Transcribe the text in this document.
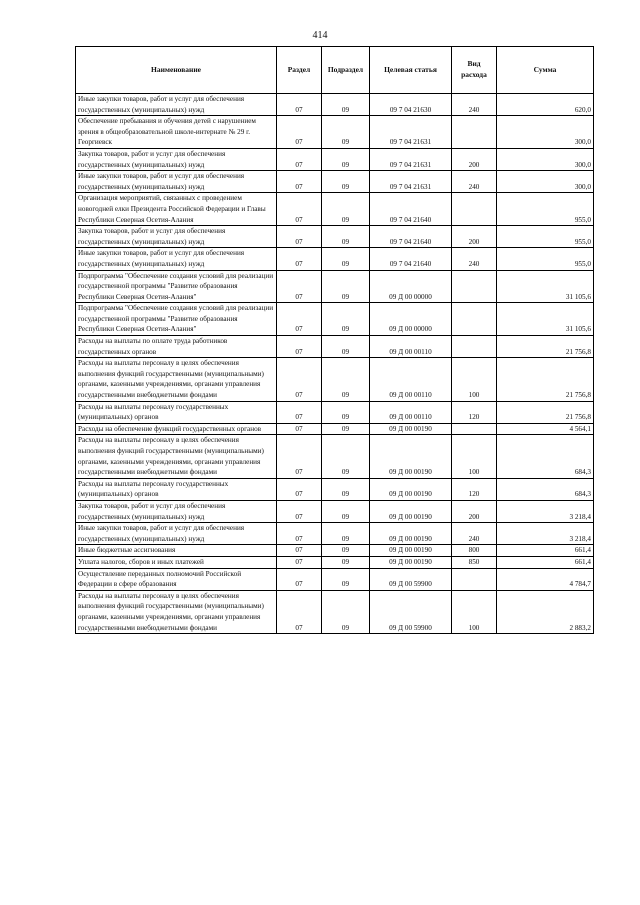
414
Наименование	Раздел	Подраздел	Целевая статья	Вид расхода	Сумма
Иные закупки товаров, работ и услуг для обеспечения государственных (муниципальных) нужд	07	09	09 7 04 21630	240	620,0
Обеспечение пребывания и обучения детей с нарушением зрения в общеобразовательной школе-интернате № 29 г. Георгиевск	07	09	09 7 04 21631		300,0
Закупка товаров, работ и услуг для обеспечения государственных (муниципальных) нужд	07	09	09 7 04 21631	200	300,0
Иные закупки товаров, работ и услуг для обеспечения государственных (муниципальных) нужд	07	09	09 7 04 21631	240	300,0
Организация мероприятий, связанных с проведением новогодней елки Президента Российской Федерации и Главы Республики Северная Осетия-Алания	07	09	09 7 04 21640		955,0
Закупка товаров, работ и услуг для обеспечения государственных (муниципальных) нужд	07	09	09 7 04 21640	200	955,0
Иные закупки товаров, работ и услуг для обеспечения государственных (муниципальных) нужд	07	09	09 7 04 21640	240	955,0
Подпрограмма "Обеспечение создания условий для реализации государственной программы "Развитие образования Республики Северная Осетия-Алания"	07	09	09 Д 00 00000		31 105,6
Подпрограмма "Обеспечение создания условий для реализации государственной программы "Развитие образования Республики Северная Осетия-Алания"	07	09	09 Д 00 00000		31 105,6
Расходы на выплаты по оплате труда работников государственных органов	07	09	09 Д 00 00110		21 756,8
Расходы на выплаты персоналу в целях обеспечения выполнения функций государственными (муниципальными) органами, казенными учреждениями, органами управления государственными внебюджетными фондами	07	09	09 Д 00 00110	100	21 756,8
Расходы на выплаты персоналу государственных (муниципальных) органов	07	09	09 Д 00 00110	120	21 756,8
Расходы на обеспечение функций государственных органов	07	09	09 Д 00 00190		4 564,1
Расходы на выплаты персоналу в целях обеспечения выполнения функций государственными (муниципальными) органами, казенными учреждениями, органами управления государственными внебюджетными фондами	07	09	09 Д 00 00190	100	684,3
Расходы на выплаты персоналу государственных (муниципальных) органов	07	09	09 Д 00 00190	120	684,3
Закупка товаров, работ и услуг для обеспечения государственных (муниципальных) нужд	07	09	09 Д 00 00190	200	3 218,4
Иные закупки товаров, работ и услуг для обеспечения государственных (муниципальных) нужд	07	09	09 Д 00 00190	240	3 218,4
Иные бюджетные ассигнования	07	09	09 Д 00 00190	800	661,4
Уплата налогов, сборов и иных платежей	07	09	09 Д 00 00190	850	661,4
Осуществление переданных полномочий Российской Федерации в сфере образования	07	09	09 Д 00 59900		4 784,7
Расходы на выплаты персоналу в целях обеспечения выполнения функций государственными (муниципальными) органами, казенными учреждениями, органами управления государственными внебюджетными фондами	07	09	09 Д 00 59900	100	2 883,2
